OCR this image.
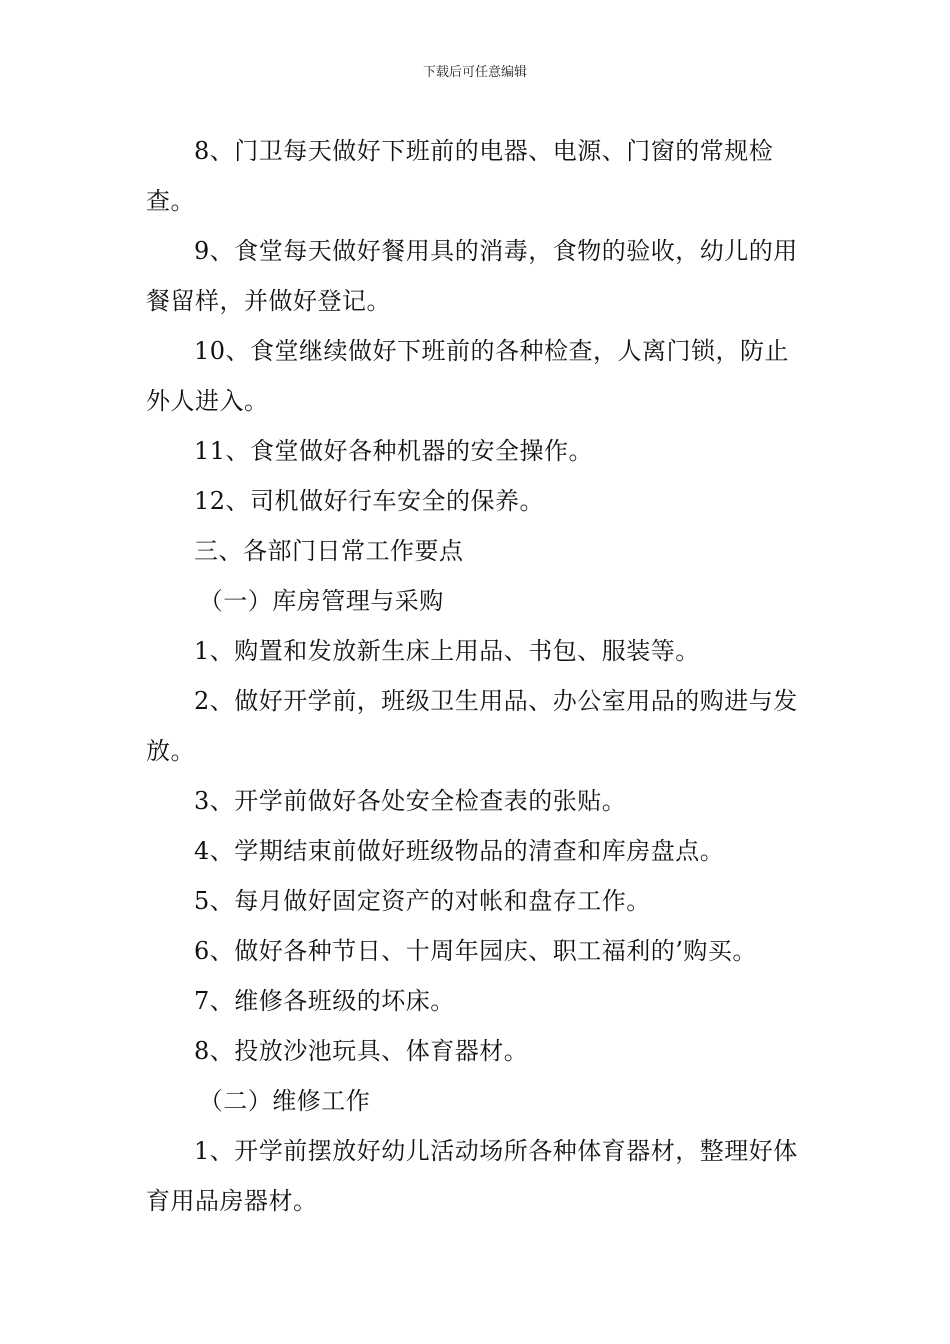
下载后可任意编辑

8、门卫每天做好下班前的电器、电源、门窗的常规检查。

9、食堂每天做好餐用具的消毒，食物的验收，幼儿的用餐留样，并做好登记。

10、食堂继续做好下班前的各种检查，人离门锁，防止外人进入。

11、食堂做好各种机器的安全操作。

12、司机做好行车安全的保养。

三、各部门日常工作要点

（一）库房管理与采购

1、购置和发放新生床上用品、书包、服装等。

2、做好开学前，班级卫生用品、办公室用品的购进与发放。

3、开学前做好各处安全检查表的张贴。

4、学期结束前做好班级物品的清查和库房盘点。

5、每月做好固定资产的对帐和盘存工作。

6、做好各种节日、十周年园庆、职工福利的’购买。

7、维修各班级的坏床。

8、投放沙池玩具、体育器材。

（二）维修工作

1、开学前摆放好幼儿活动场所各种体育器材，整理好体育用品房器材。
